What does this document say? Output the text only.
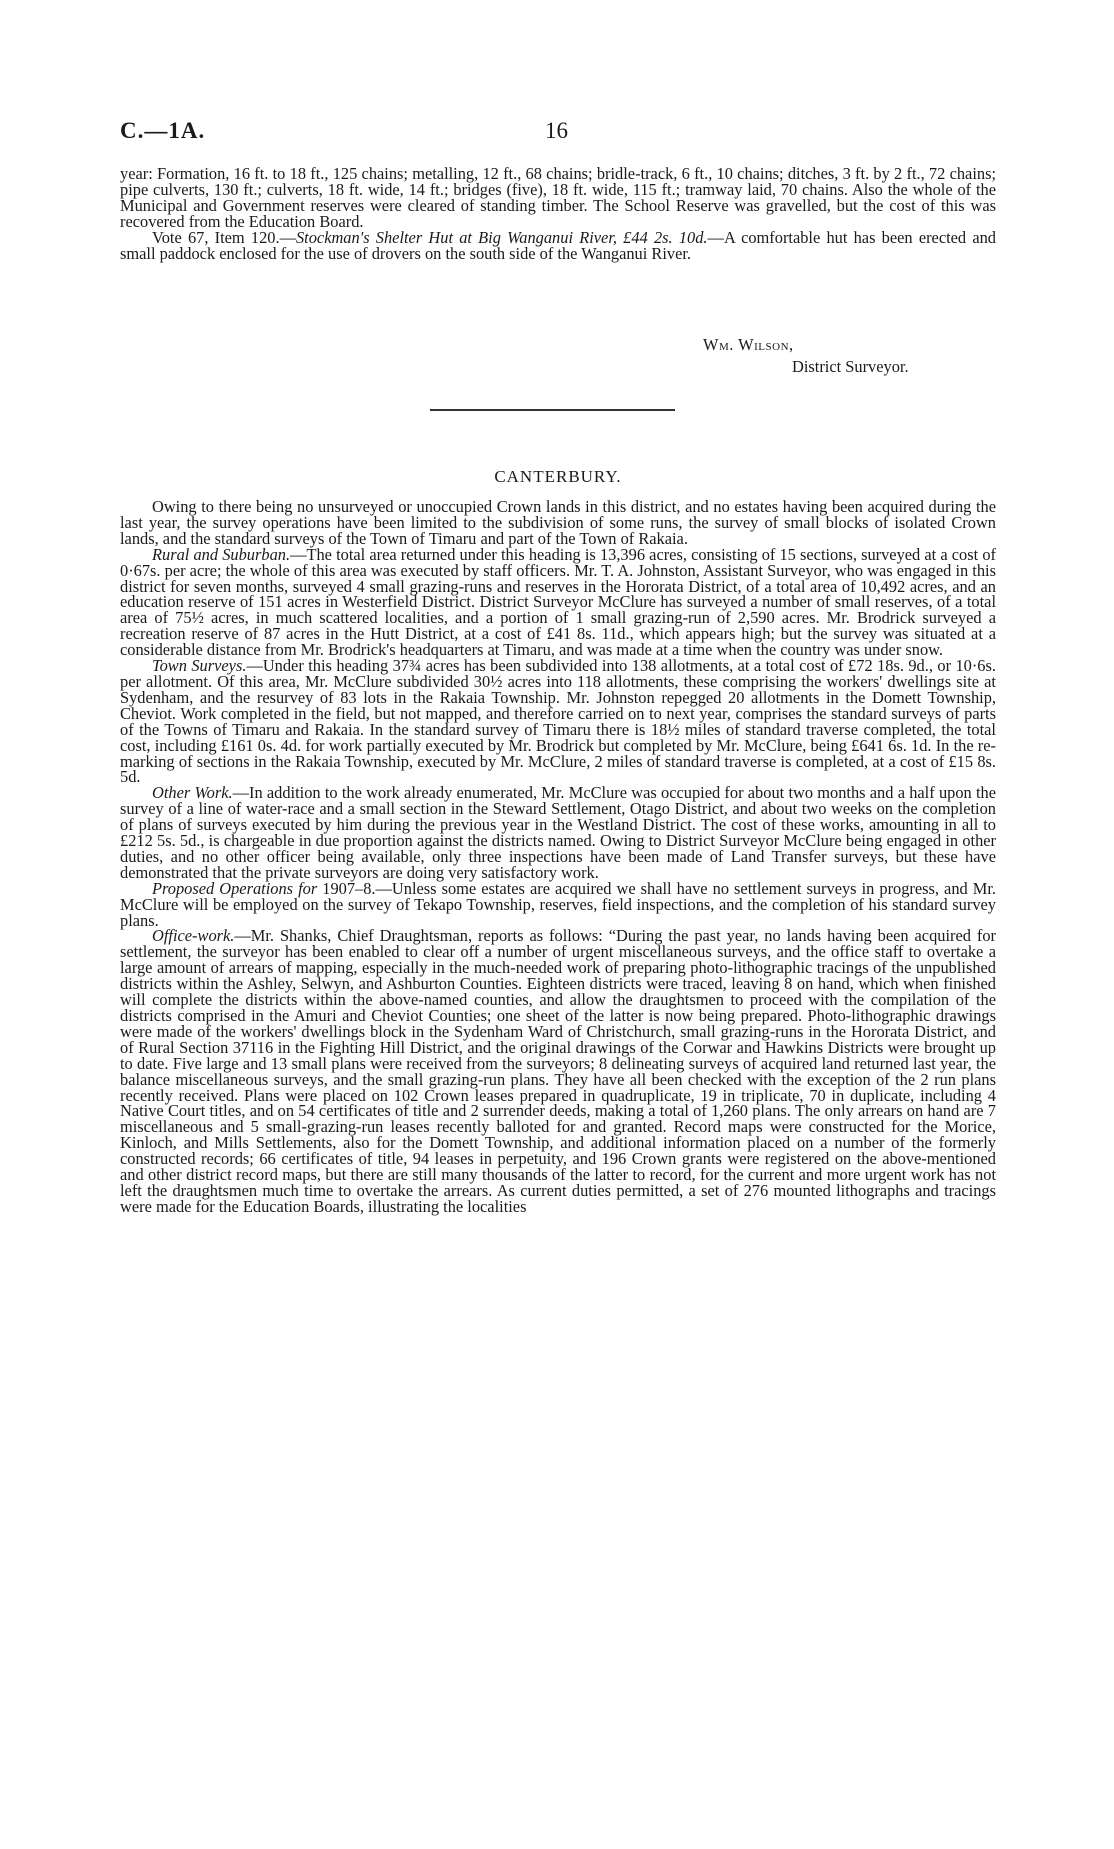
C.—1A.	16

year: Formation, 16 ft. to 18 ft., 125 chains; metalling, 12 ft., 68 chains; bridle-track, 6 ft., 10 chains; ditches, 3 ft. by 2 ft., 72 chains; pipe culverts, 130 ft.; culverts, 18 ft. wide, 14 ft.; bridges (five), 18 ft. wide, 115 ft.; tramway laid, 70 chains. Also the whole of the Municipal and Government reserves were cleared of standing timber. The School Reserve was gravelled, but the cost of this was recovered from the Education Board.

Vote 67, Item 120.—Stockman's Shelter Hut at Big Wanganui River, £44 2s. 10d.—A comfortable hut has been erected and small paddock enclosed for the use of drovers on the south side of the Wanganui River.

Wm. Wilson,
District Surveyor.
CANTERBURY.

Owing to there being no unsurveyed or unoccupied Crown lands in this district, and no estates having been acquired during the last year, the survey operations have been limited to the subdivision of some runs, the survey of small blocks of isolated Crown lands, and the standard surveys of the Town of Timaru and part of the Town of Rakaia.

Rural and Suburban.—The total area returned under this heading is 13,396 acres, consisting of 15 sections, surveyed at a cost of 0·67s. per acre; the whole of this area was executed by staff officers. Mr. T. A. Johnston, Assistant Surveyor, who was engaged in this district for seven months, surveyed 4 small grazing-runs and reserves in the Hororata District, of a total area of 10,492 acres, and an education reserve of 151 acres in Westerfield District. District Surveyor McClure has surveyed a number of small reserves, of a total area of 75½ acres, in much scattered localities, and a portion of 1 small grazing-run of 2,590 acres. Mr. Brodrick surveyed a recreation reserve of 87 acres in the Hutt District, at a cost of £41 8s. 11d., which appears high; but the survey was situated at a considerable distance from Mr. Brodrick's headquarters at Timaru, and was made at a time when the country was under snow.

Town Surveys.—Under this heading 37¾ acres has been subdivided into 138 allotments, at a total cost of £72 18s. 9d., or 10·6s. per allotment. Of this area, Mr. McClure subdivided 30½ acres into 118 allotments, these comprising the workers' dwellings site at Sydenham, and the resurvey of 83 lots in the Rakaia Township. Mr. Johnston repegged 20 allotments in the Domett Township, Cheviot. Work completed in the field, but not mapped, and therefore carried on to next year, comprises the standard surveys of parts of the Towns of Timaru and Rakaia. In the standard survey of Timaru there is 18½ miles of standard traverse completed, the total cost, including £161 0s. 4d. for work partially executed by Mr. Brodrick but completed by Mr. McClure, being £641 6s. 1d. In the re-marking of sections in the Rakaia Township, executed by Mr. McClure, 2 miles of standard traverse is completed, at a cost of £15 8s. 5d.

Other Work.—In addition to the work already enumerated, Mr. McClure was occupied for about two months and a half upon the survey of a line of water-race and a small section in the Steward Settlement, Otago District, and about two weeks on the completion of plans of surveys executed by him during the previous year in the Westland District. The cost of these works, amounting in all to £212 5s. 5d., is chargeable in due proportion against the districts named. Owing to District Surveyor McClure being engaged in other duties, and no other officer being available, only three inspections have been made of Land Transfer surveys, but these have demonstrated that the private surveyors are doing very satisfactory work.

Proposed Operations for 1907–8.—Unless some estates are acquired we shall have no settlement surveys in progress, and Mr. McClure will be employed on the survey of Tekapo Township, reserves, field inspections, and the completion of his standard survey plans.

Office-work.—Mr. Shanks, Chief Draughtsman, reports as follows: “During the past year, no lands having been acquired for settlement, the surveyor has been enabled to clear off a number of urgent miscellaneous surveys, and the office staff to overtake a large amount of arrears of mapping, especially in the much-needed work of preparing photo-lithographic tracings of the unpublished districts within the Ashley, Selwyn, and Ashburton Counties. Eighteen districts were traced, leaving 8 on hand, which when finished will complete the districts within the above-named counties, and allow the draughtsmen to proceed with the compilation of the districts comprised in the Amuri and Cheviot Counties; one sheet of the latter is now being prepared. Photo-lithographic drawings were made of the workers' dwellings block in the Sydenham Ward of Christchurch, small grazing-runs in the Hororata District, and of Rural Section 37116 in the Fighting Hill District, and the original drawings of the Corwar and Hawkins Districts were brought up to date. Five large and 13 small plans were received from the surveyors; 8 delineating surveys of acquired land returned last year, the balance miscellaneous surveys, and the small grazing-run plans. They have all been checked with the exception of the 2 run plans recently received. Plans were placed on 102 Crown leases prepared in quadruplicate, 19 in triplicate, 70 in duplicate, including 4 Native Court titles, and on 54 certificates of title and 2 surrender deeds, making a total of 1,260 plans. The only arrears on hand are 7 miscellaneous and 5 small-grazing-run leases recently balloted for and granted. Record maps were constructed for the Morice, Kinloch, and Mills Settlements, also for the Domett Township, and additional information placed on a number of the formerly constructed records; 66 certificates of title, 94 leases in perpetuity, and 196 Crown grants were registered on the above-mentioned and other district record maps, but there are still many thousands of the latter to record, for the current and more urgent work has not left the draughtsmen much time to overtake the arrears. As current duties permitted, a set of 276 mounted lithographs and tracings were made for the Education Boards, illustrating the localities
